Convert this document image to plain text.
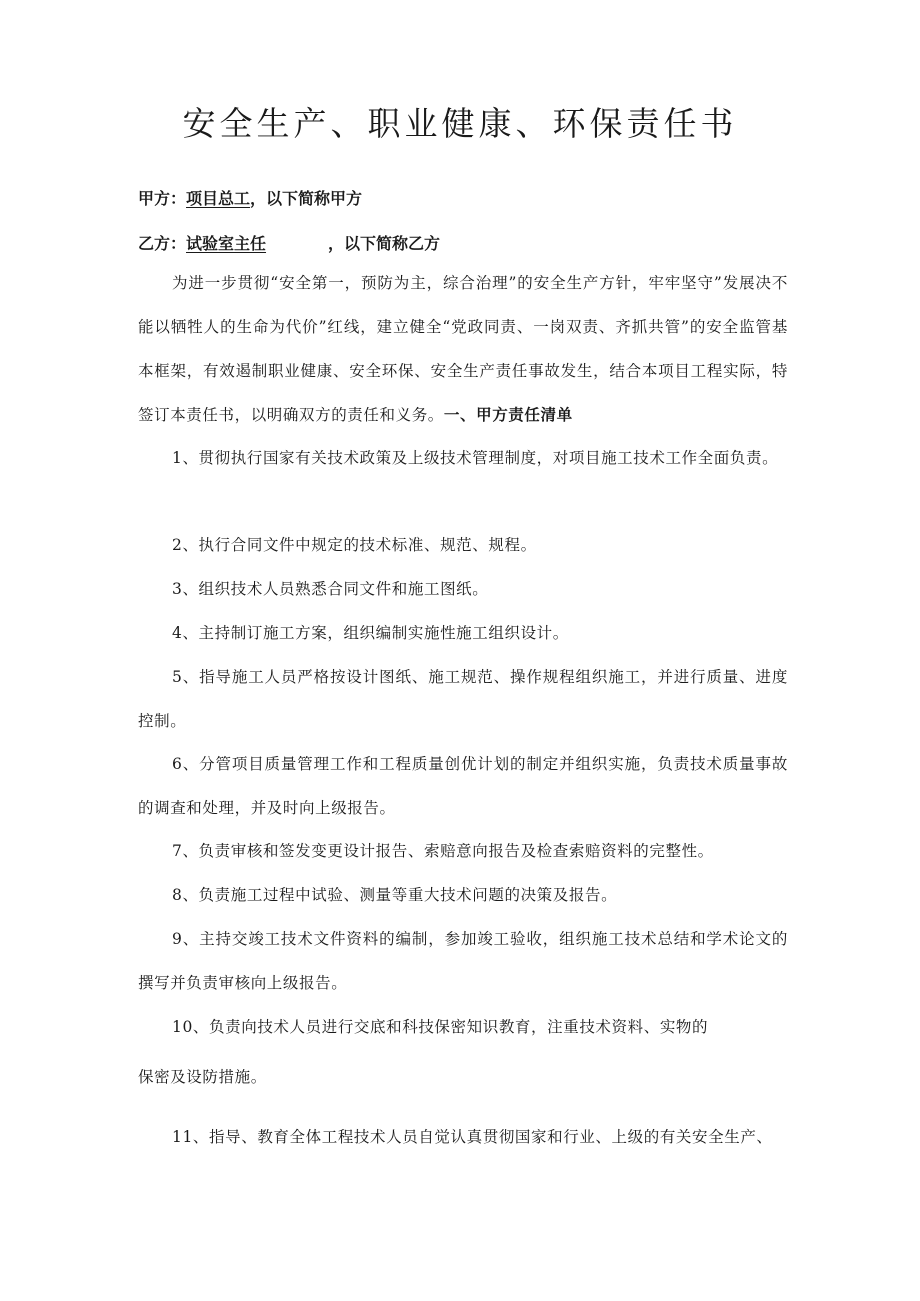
安全生产、职业健康、环保责任书
甲方：项目总工，以下简称甲方
乙方：试验室主任	，以下简称乙方

为进一步贯彻“安全第一，预防为主，综合治理”的安全生产方针，牢牢坚守”发展决不能以牺牲人的生命为代价”红线，建立健全“党政同责、一岗双责、齐抓共管”的安全监管基本框架，有效遏制职业健康、安全环保、安全生产责任事故发生，结合本项目工程实际，特签订本责任书，以明确双方的责任和义务。一、甲方责任清单

1、贯彻执行国家有关技术政策及上级技术管理制度，对项目施工技术工作全面负责。

2、执行合同文件中规定的技术标准、规范、规程。

3、组织技术人员熟悉合同文件和施工图纸。

4、主持制订施工方案，组织编制实施性施工组织设计。

5、指导施工人员严格按设计图纸、施工规范、操作规程组织施工，并进行质量、进度控制。

6、分管项目质量管理工作和工程质量创优计划的制定并组织实施，负责技术质量事故的调查和处理，并及时向上级报告。

7、负责审核和签发变更设计报告、索赔意向报告及检查索赔资料的完整性。

8、负责施工过程中试验、测量等重大技术问题的决策及报告。

9、主持交竣工技术文件资料的编制，参加竣工验收，组织施工技术总结和学术论文的撰写并负责审核向上级报告。

10、负责向技术人员进行交底和科技保密知识教育，注重技术资料、实物的

保密及设防措施。

11、指导、教育全体工程技术人员自觉认真贯彻国家和行业、上级的有关安全生产、
